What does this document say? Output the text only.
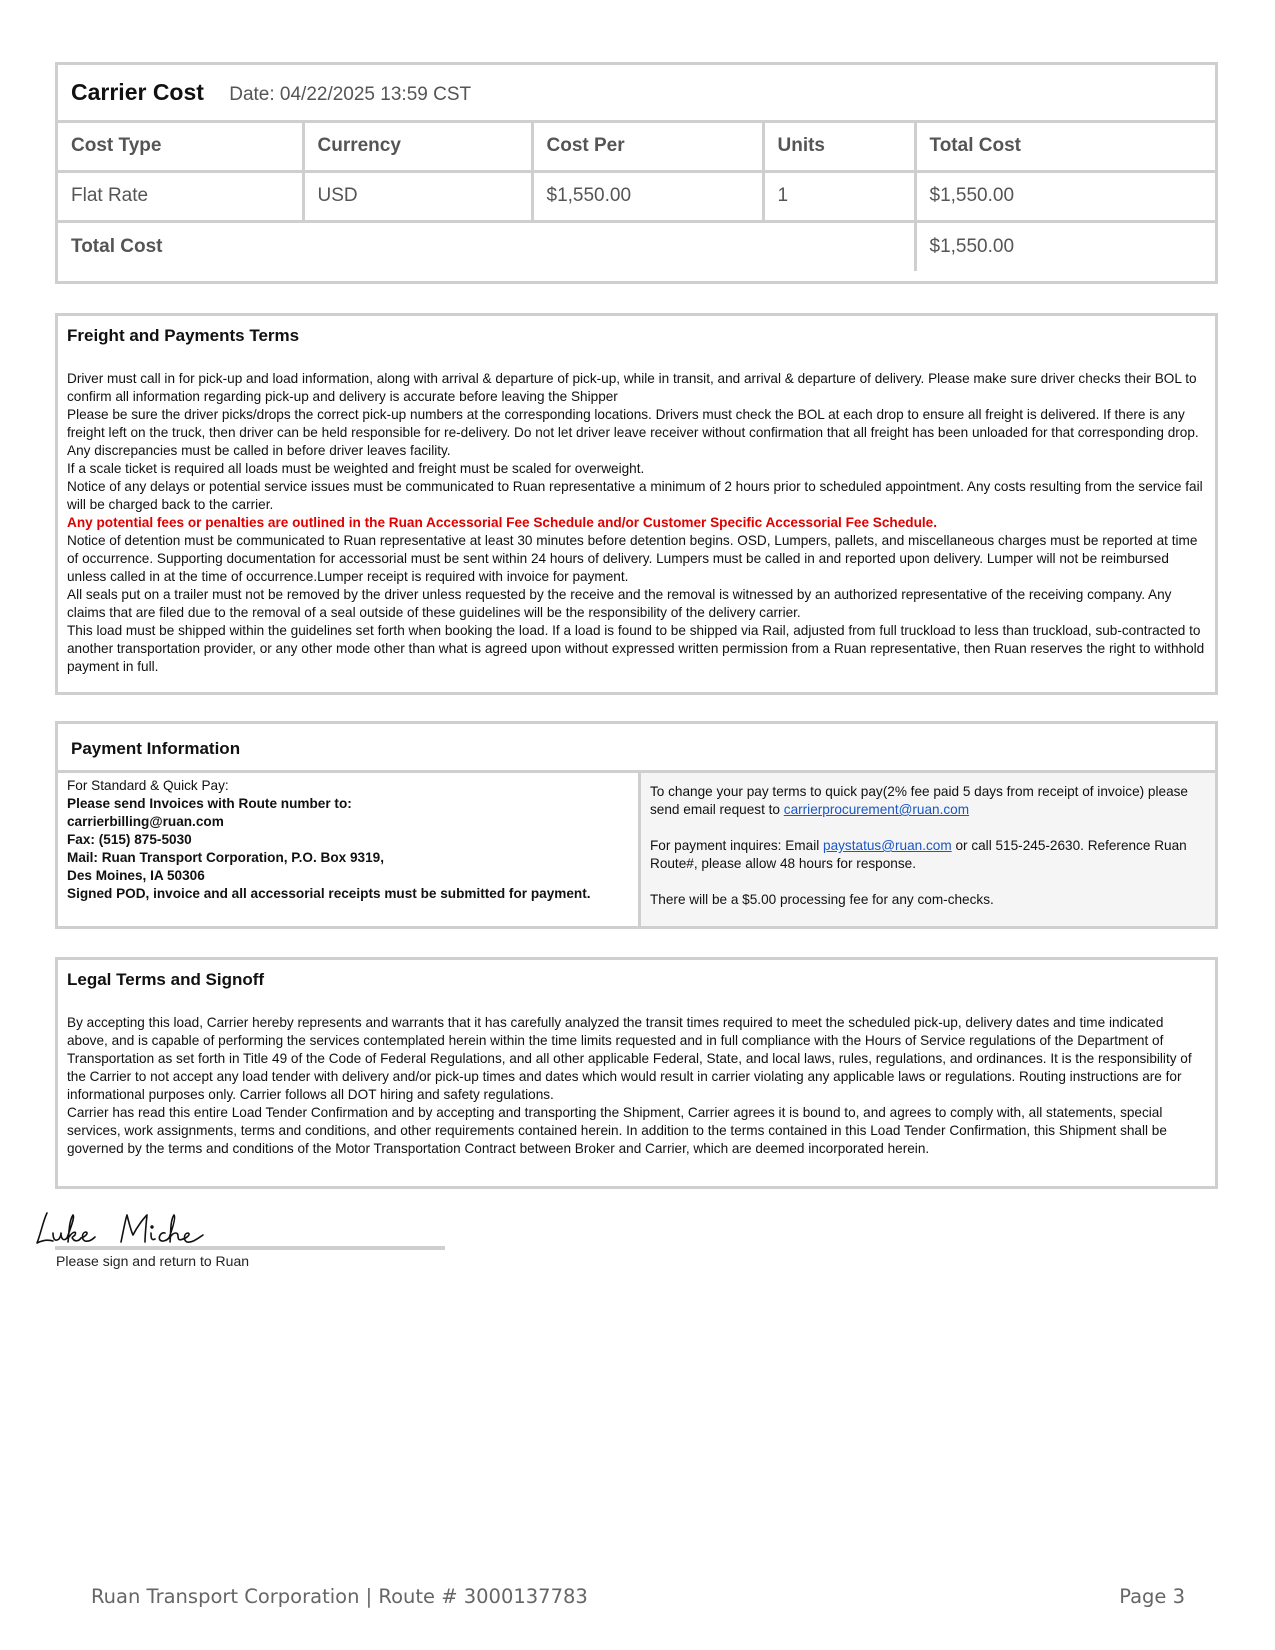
Carrier Cost Date: 04/22/2025 13:59 CST				
Cost Type	Currency	Cost Per	Units	Total Cost
Flat Rate	USD	$1,550.00	1	$1,550.00
Total Cost				$1,550.00
Freight and Payments Terms

Driver must call in for pick-up and load information, along with arrival & departure of pick-up, while in transit, and arrival & departure of delivery. Please make sure driver checks their BOL to confirm all information regarding pick-up and delivery is accurate before leaving the Shipper

Please be sure the driver picks/drops the correct pick-up numbers at the corresponding locations. Drivers must check the BOL at each drop to ensure all freight is delivered. If there is any freight left on the truck, then driver can be held responsible for re-delivery. Do not let driver leave receiver without confirmation that all freight has been unloaded for that corresponding drop. Any discrepancies must be called in before driver leaves facility.

If a scale ticket is required all loads must be weighted and freight must be scaled for overweight.

Notice of any delays or potential service issues must be communicated to Ruan representative a minimum of 2 hours prior to scheduled appointment. Any costs resulting from the service fail will be charged back to the carrier.

Any potential fees or penalties are outlined in the Ruan Accessorial Fee Schedule and/or Customer Specific Accessorial Fee Schedule.

Notice of detention must be communicated to Ruan representative at least 30 minutes before detention begins. OSD, Lumpers, pallets, and miscellaneous charges must be reported at time of occurrence. Supporting documentation for accessorial must be sent within 24 hours of delivery. Lumpers must be called in and reported upon delivery. Lumper will not be reimbursed unless called in at the time of occurrence.Lumper receipt is required with invoice for payment.

All seals put on a trailer must not be removed by the driver unless requested by the receive and the removal is witnessed by an authorized representative of the receiving company. Any claims that are filed due to the removal of a seal outside of these guidelines will be the responsibility of the delivery carrier.

This load must be shipped within the guidelines set forth when booking the load. If a load is found to be shipped via Rail, adjusted from full truckload to less than truckload, sub-contracted to another transportation provider, or any other mode other than what is agreed upon without expressed written permission from a Ruan representative, then Ruan reserves the right to withhold payment in full.

Payment Information
For Standard & Quick Pay:
Please send Invoices with Route number to:
carrierbilling@ruan.com
Fax: (515) 875-5030
Mail: Ruan Transport Corporation, P.O. Box 9319,
Des Moines, IA 50306
Signed POD, invoice and all accessorial receipts must be submitted for payment.

To change your pay terms to quick pay(2% fee paid 5 days from receipt of invoice) please send email request to carrierprocurement@ruan.com

For payment inquires: Email paystatus@ruan.com or call 515-245-2630. Reference Ruan Route#, please allow 48 hours for response.

There will be a $5.00 processing fee for any com-checks.

Legal Terms and Signoff

By accepting this load, Carrier hereby represents and warrants that it has carefully analyzed the transit times required to meet the scheduled pick-up, delivery dates and time indicated above, and is capable of performing the services contemplated herein within the time limits requested and in full compliance with the Hours of Service regulations of the Department of Transportation as set forth in Title 49 of the Code of Federal Regulations, and all other applicable Federal, State, and local laws, rules, regulations, and ordinances. It is the responsibility of the Carrier to not accept any load tender with delivery and/or pick-up times and dates which would result in carrier violating any applicable laws or regulations. Routing instructions are for informational purposes only. Carrier follows all DOT hiring and safety regulations.

Carrier has read this entire Load Tender Confirmation and by accepting and transporting the Shipment, Carrier agrees it is bound to, and agrees to comply with, all statements, special services, work assignments, terms and conditions, and other requirements contained herein. In addition to the terms contained in this Load Tender Confirmation, this Shipment shall be governed by the terms and conditions of the Motor Transportation Contract between Broker and Carrier, which are deemed incorporated herein.

Please sign and return to Ruan
Ruan Transport Corporation | Route # 3000137783	Page 3
